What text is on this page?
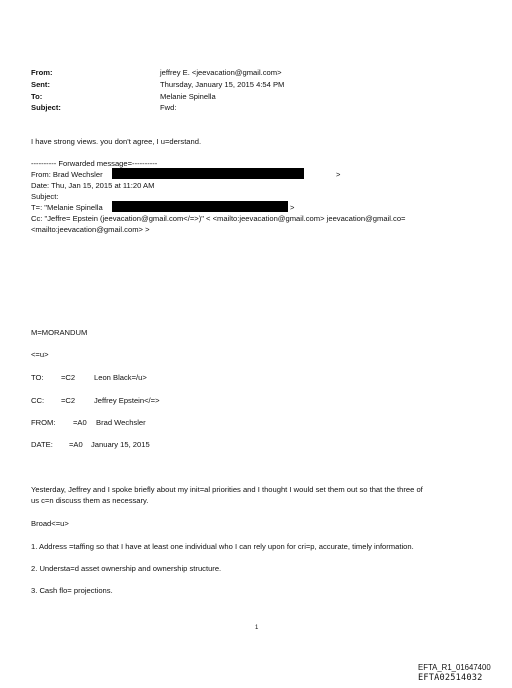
From:	jeffrey E. <jeevacation@gmail.com>
Sent:	Thursday, January 15, 2015 4:54 PM
To:	Melanie Spinella
Subject:	Fwd:
I have strong views. you don't agree, I u=derstand.
---------- Forwarded message=----------
From: Brad Wechsler	>
Date: Thu, Jan 15, 2015 at 11:20 AM
Subject:
T=: "Melanie Spinella	>
Cc: "Jeffre= Epstein (jeevacation@gmail.com</=>)" < <mailto:jeevacation@gmail.com> jeevacation@gmail.co=
<mailto:jeevacation@gmail.com> >
M=MORANDUM
<=u>
TO: =C2 Leon Black=/u>
CC: =C2 Jeffrey Epstein</=>
FROM: =A0 Brad Wechsler
DATE: =A0 January 15, 2015
Yesterday, Jeffrey and I spoke briefly about my init=al priorities and I thought I would set them out so that the three of
us c=n discuss them as necessary.
Broad<=u>
1. Address =taffing so that I have at least one individual who I can rely upon for cri=p, accurate, timely information.
2. Understa=d asset ownership and ownership structure.
3. Cash flo= projections.
1
EFTA_R1_01647400
EFTA02514032
